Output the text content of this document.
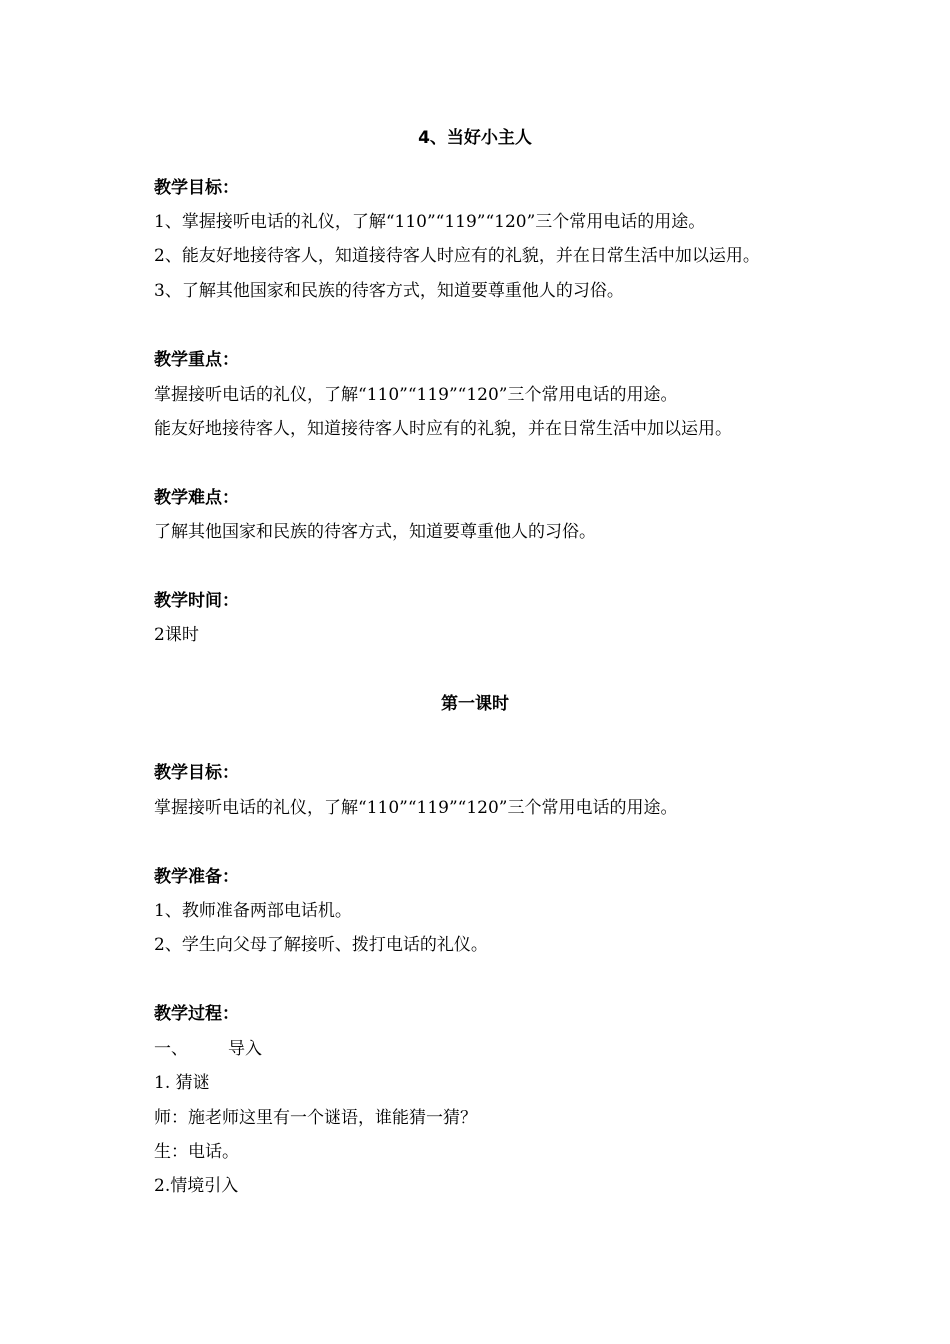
4、当好小主人
教学目标：
1、掌握接听电话的礼仪，了解“110”“119”“120”三个常用电话的用途。
2、能友好地接待客人，知道接待客人时应有的礼貌，并在日常生活中加以运用。
3、了解其他国家和民族的待客方式，知道要尊重他人的习俗。
教学重点：
掌握接听电话的礼仪，了解“110”“119”“120”三个常用电话的用途。
能友好地接待客人，知道接待客人时应有的礼貌，并在日常生活中加以运用。
教学难点：
了解其他国家和民族的待客方式，知道要尊重他人的习俗。
教学时间：
2课时
第一课时
教学目标：
掌握接听电话的礼仪，了解“110”“119”“120”三个常用电话的用途。
教学准备：
1、教师准备两部电话机。
2、学生向父母了解接听、拨打电话的礼仪。
教学过程：
一、 导入
1. 猜谜
师：施老师这里有一个谜语，谁能猜一猜？
生：电话。
2.情境引入
